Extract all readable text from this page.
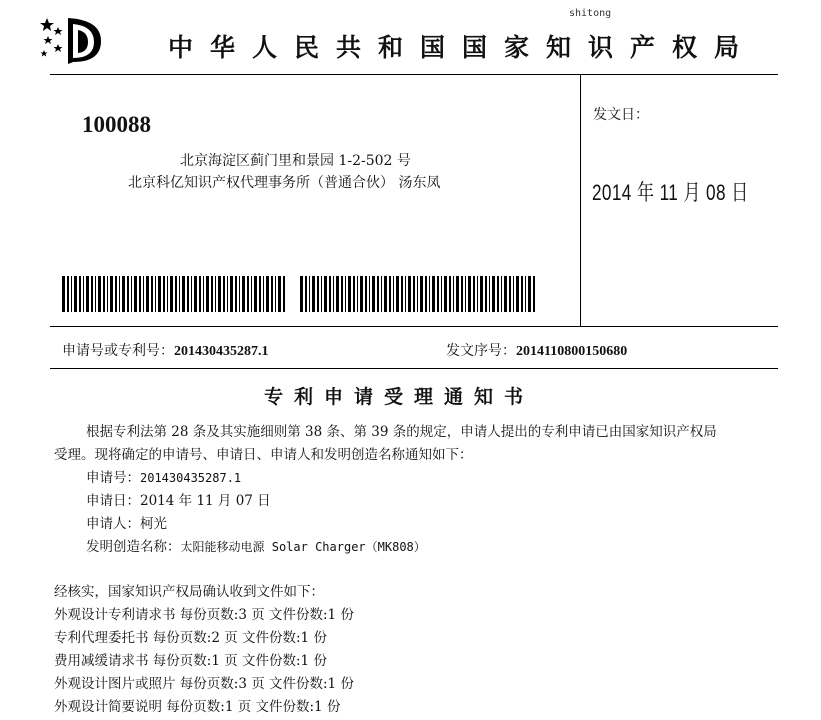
shitong
中华人民共和国国家知识产权局
100088
北京海淀区蓟门里和景园 1-2-502 号
北京科亿知识产权代理事务所（普通合伙） 汤东凤
发文日：
2014 年 11 月 08 日
申请号或专利号：201430435287.1	发文序号：2014110800150680
专利申请受理通知书
根据专利法第 28 条及其实施细则第 38 条、第 39 条的规定，申请人提出的专利申请已由国家知识产权局
受理。现将确定的申请号、申请日、申请人和发明创造名称通知如下：
申请号：201430435287.1
申请日：2014 年 11 月 07 日
申请人：柯光
发明创造名称：太阳能移动电源 Solar Charger（MK808）
经核实，国家知识产权局确认收到文件如下：
外观设计专利请求书 每份页数:3 页 文件份数:1 份
专利代理委托书 每份页数:2 页 文件份数:1 份
费用减缓请求书 每份页数:1 页 文件份数:1 份
外观设计图片或照片 每份页数:3 页 文件份数:1 份
外观设计简要说明 每份页数:1 页 文件份数:1 份
